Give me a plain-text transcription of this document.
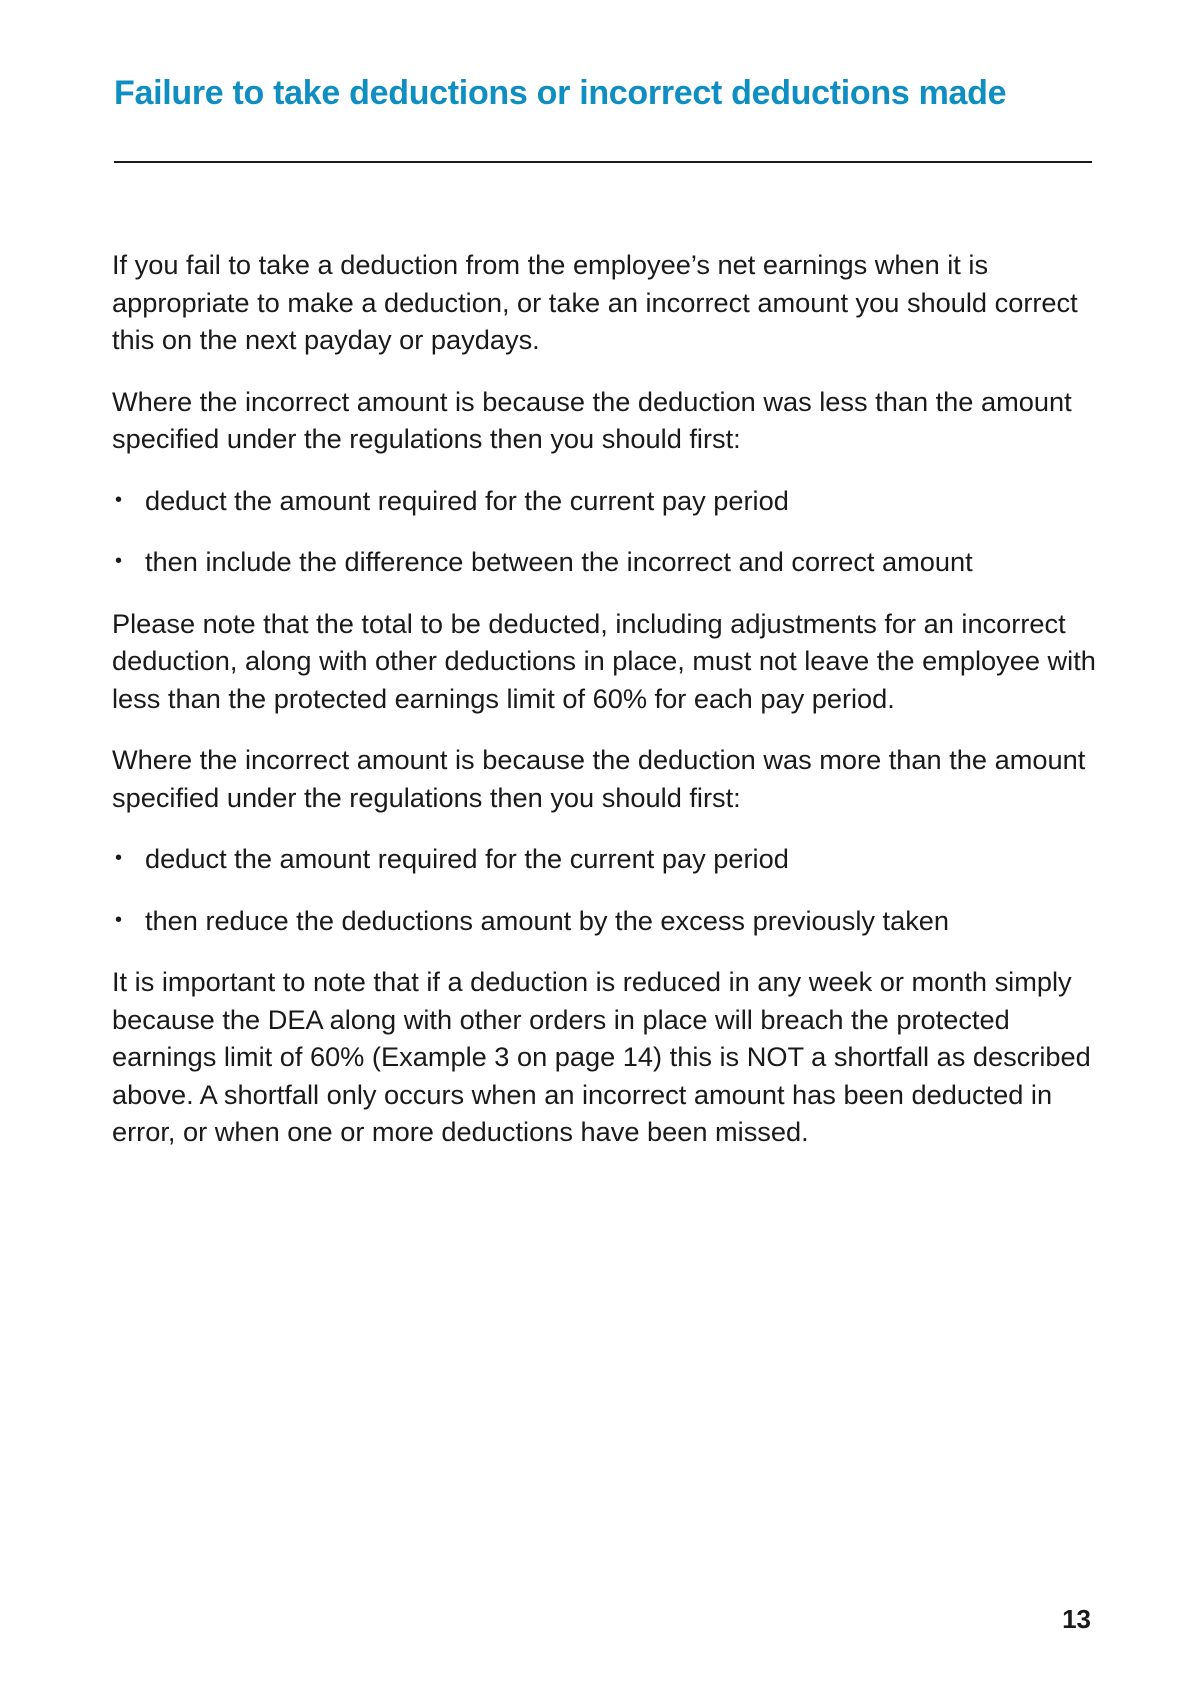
Failure to take deductions or incorrect deductions made

If you fail to take a deduction from the employee’s net earnings when it is appropriate to make a deduction, or take an incorrect amount you should correct this on the next payday or paydays.

Where the incorrect amount is because the deduction was less than the amount specified under the regulations then you should first:

• deduct the amount required for the current pay period
• then include the difference between the incorrect and correct amount

Please note that the total to be deducted, including adjustments for an incorrect deduction, along with other deductions in place, must not leave the employee with less than the protected earnings limit of 60% for each pay period.

Where the incorrect amount is because the deduction was more than the amount specified under the regulations then you should first:

• deduct the amount required for the current pay period
• then reduce the deductions amount by the excess previously taken

It is important to note that if a deduction is reduced in any week or month simply because the DEA along with other orders in place will breach the protected earnings limit of 60% (Example 3 on page 14) this is NOT a shortfall as described above. A shortfall only occurs when an incorrect amount has been deducted in error, or when one or more deductions have been missed.

13
